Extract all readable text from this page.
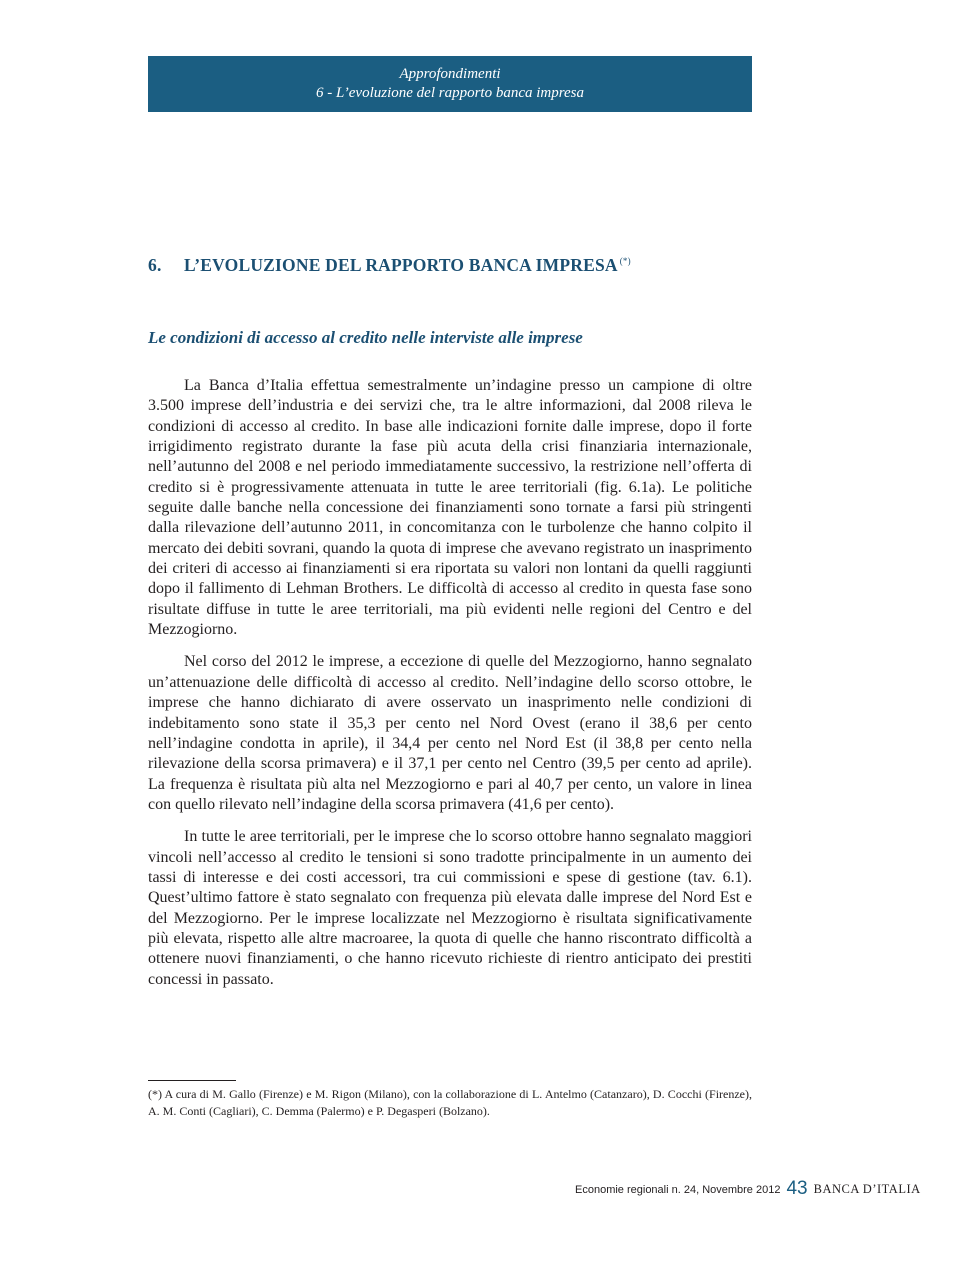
Approfondimenti
6 - L’evoluzione del rapporto banca impresa
6. L’EVOLUZIONE DEL RAPPORTO BANCA IMPRESA (*)
Le condizioni di accesso al credito nelle interviste alle imprese

La Banca d’Italia effettua semestralmente un’indagine presso un campione di oltre 3.500 imprese dell’industria e dei servizi che, tra le altre informazioni, dal 2008 rileva le condizioni di accesso al credito. In base alle indicazioni fornite dalle imprese, dopo il forte irrigidimento registrato durante la fase più acuta della crisi finanziaria internazionale, nell’autunno del 2008 e nel periodo immediatamente successivo, la restrizione nell’offerta di credito si è progressivamente attenuata in tutte le aree territoriali (fig. 6.1a). Le politiche seguite dalle banche nella concessione dei finanziamenti sono tornate a farsi più stringenti dalla rilevazione dell’autunno 2011, in concomitanza con le turbolenze che hanno colpito il mercato dei debiti sovrani, quando la quota di imprese che avevano registrato un inasprimento dei criteri di accesso ai finanziamenti si era riportata su valori non lontani da quelli raggiunti dopo il fallimento di Lehman Brothers. Le difficoltà di accesso al credito in questa fase sono risultate diffuse in tutte le aree territoriali, ma più evidenti nelle regioni del Centro e del Mezzogiorno.

Nel corso del 2012 le imprese, a eccezione di quelle del Mezzogiorno, hanno segnalato un’attenuazione delle difficoltà di accesso al credito. Nell’indagine dello scorso ottobre, le imprese che hanno dichiarato di avere osservato un inasprimento nelle condizioni di indebitamento sono state il 35,3 per cento nel Nord Ovest (erano il 38,6 per cento nell’indagine condotta in aprile), il 34,4 per cento nel Nord Est (il 38,8 per cento nella rilevazione della scorsa primavera) e il 37,1 per cento nel Centro (39,5 per cento ad aprile). La frequenza è risultata più alta nel Mezzogiorno e pari al 40,7 per cento, un valore in linea con quello rilevato nell’indagine della scorsa primavera (41,6 per cento).

In tutte le aree territoriali, per le imprese che lo scorso ottobre hanno segnalato maggiori vincoli nell’accesso al credito le tensioni si sono tradotte principalmente in un aumento dei tassi di interesse e dei costi accessori, tra cui commissioni e spese di gestione (tav. 6.1). Quest’ultimo fattore è stato segnalato con frequenza più elevata dalle imprese del Nord Est e del Mezzogiorno. Per le imprese localizzate nel Mezzogiorno è risultata significativamente più elevata, rispetto alle altre macroaree, la quota di quelle che hanno riscontrato difficoltà a ottenere nuovi finanziamenti, o che hanno ricevuto richieste di rientro anticipato dei prestiti concessi in passato.

(*) A cura di M. Gallo (Firenze) e M. Rigon (Milano), con la collaborazione di L. Antelmo (Catanzaro), D. Cocchi (Firenze), A. M. Conti (Cagliari), C. Demma (Palermo) e P. Degasperi (Bolzano).
Economie regionali n. 24, Novembre 2012 43 BANCA D’ITALIA
